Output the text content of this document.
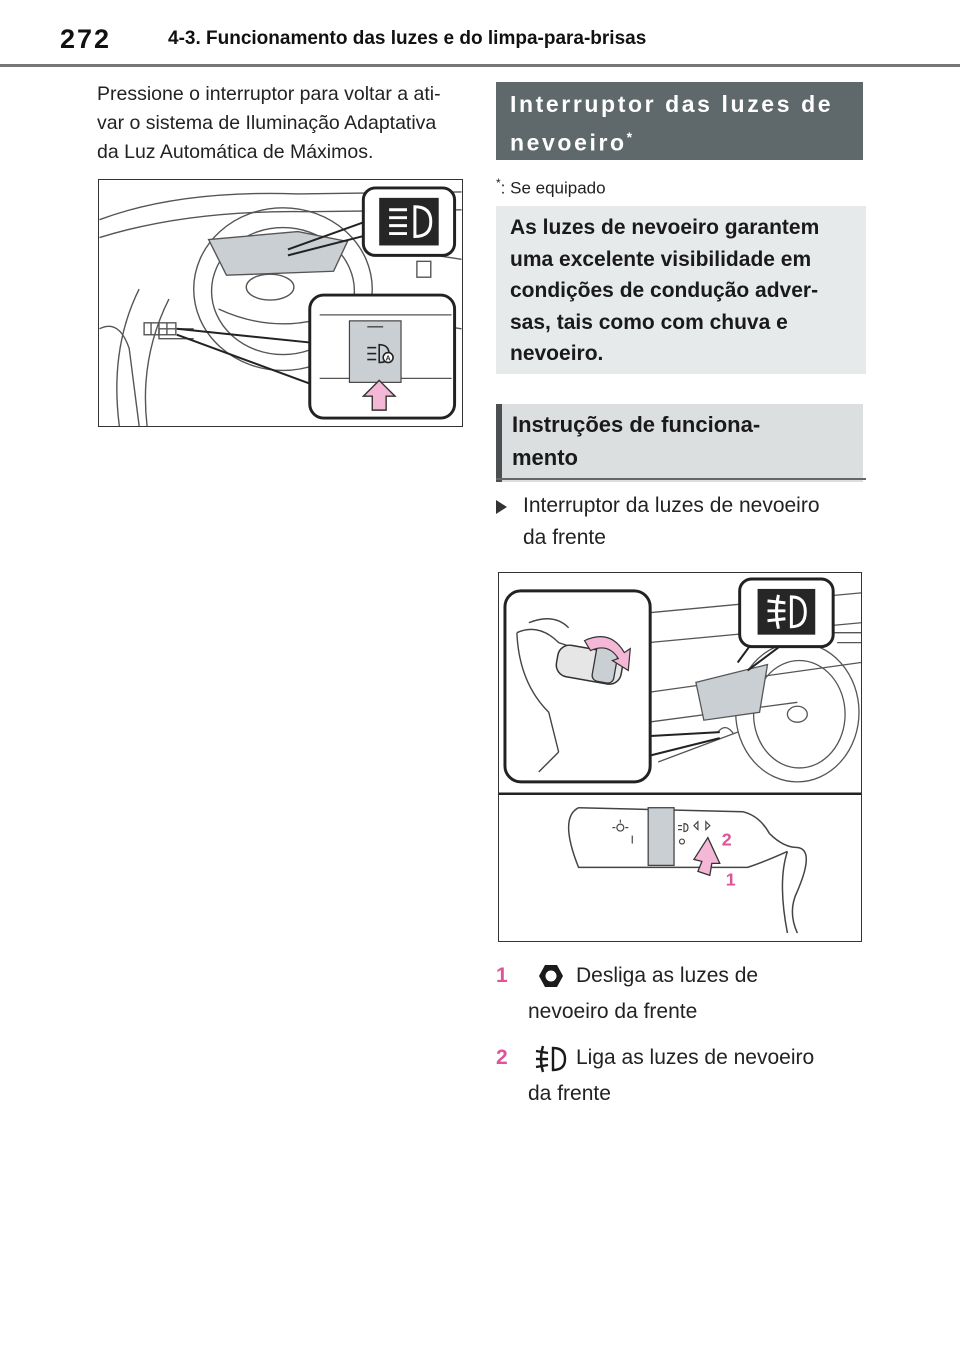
272	4-3. Funcionamento das luzes e do limpa-para-brisas
Pressione o interruptor para voltar a ati-
var o sistema de Iluminação Adaptativa
da Luz Automática de Máximos.
A
Interruptor das luzes de
nevoeiro*
*: Se equipado
As luzes de nevoeiro garantem
uma excelente visibilidade em
condições de condução adver-
sas, tais como com chuva e
nevoeiro.
Instruções de funciona-
mento
Interruptor da luzes de nevoeiro
da frente
2
1
1	Desliga as luzes de
nevoeiro da frente
2	Liga as luzes de nevoeiro
da frente
